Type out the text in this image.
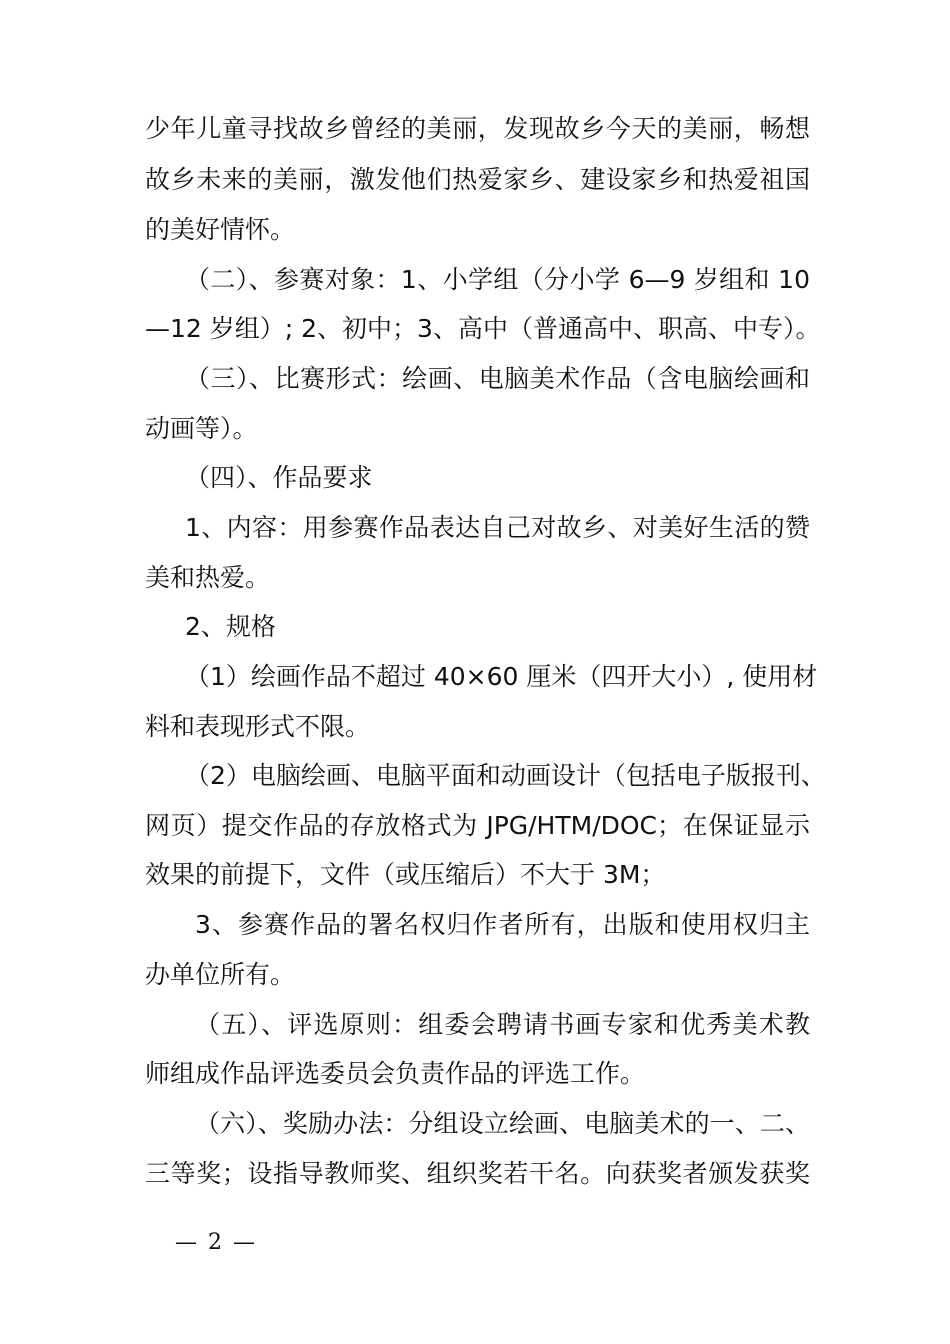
少年儿童寻找故乡曾经的美丽，发现故乡今天的美丽，畅想
故乡未来的美丽，激发他们热爱家乡、建设家乡和热爱祖国
的美好情怀。
（二）、参赛对象：1、小学组（分小学 6—9 岁组和 10
—12 岁组）; 2、初中；3、高中（普通高中、职高、中专）。
（三）、比赛形式：绘画、电脑美术作品（含电脑绘画和
动画等）。
（四）、作品要求
1、内容：用参赛作品表达自己对故乡、对美好生活的赞
美和热爱。
2、规格
（1）绘画作品不超过 40×60 厘米（四开大小）, 使用材
料和表现形式不限。
（2）电脑绘画、电脑平面和动画设计（包括电子版报刊、
网页）提交作品的存放格式为 JPG/HTM/DOC；在保证显示
效果的前提下，文件（或压缩后）不大于 3M；
3、参赛作品的署名权归作者所有，出版和使用权归主
办单位所有。
（五）、评选原则：组委会聘请书画专家和优秀美术教
师组成作品评选委员会负责作品的评选工作。
（六）、奖励办法：分组设立绘画、电脑美术的一、二、
三等奖；设指导教师奖、组织奖若干名。向获奖者颁发获奖
— 2 —
